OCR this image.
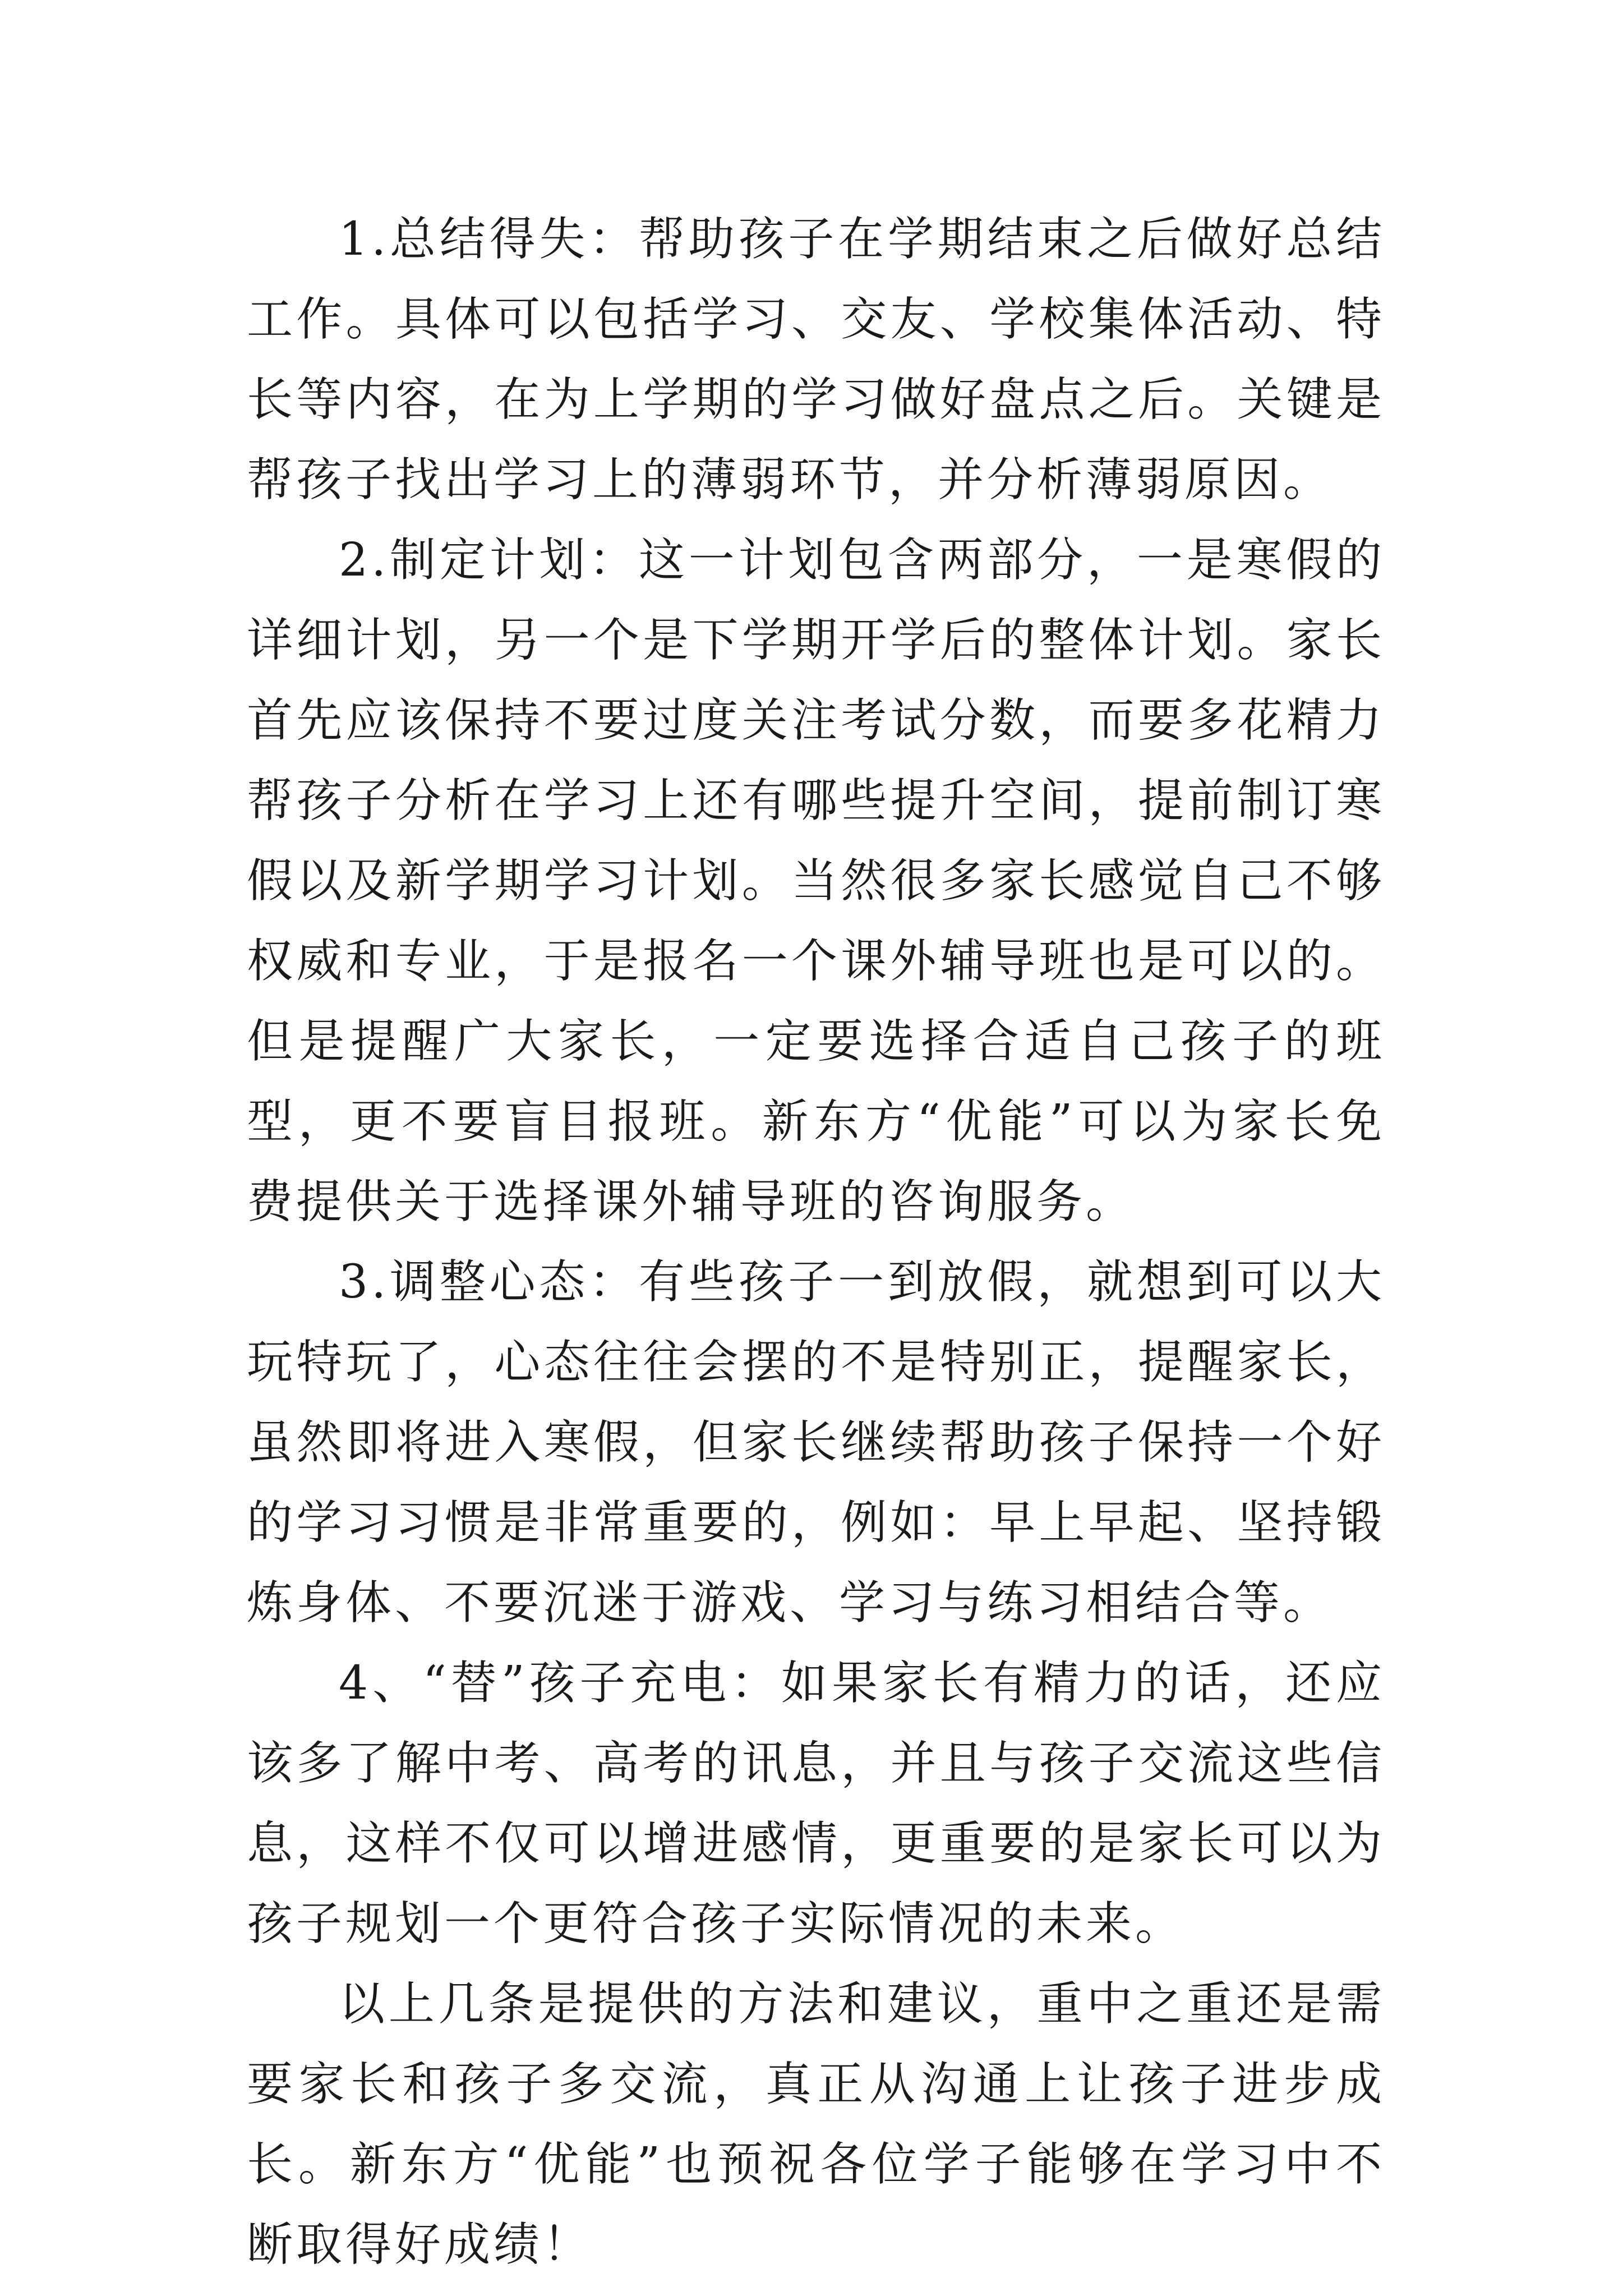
1.总结得失：帮助孩子在学期结束之后做好总结工作。具体可以包括学习、交友、学校集体活动、特长等内容，在为上学期的学习做好盘点之后。关键是帮孩子找出学习上的薄弱环节，并分析薄弱原因。

2.制定计划：这一计划包含两部分，一是寒假的详细计划，另一个是下学期开学后的整体计划。家长首先应该保持不要过度关注考试分数，而要多花精力帮孩子分析在学习上还有哪些提升空间，提前制订寒假以及新学期学习计划。当然很多家长感觉自己不够权威和专业，于是报名一个课外辅导班也是可以的。但是提醒广大家长，一定要选择合适自己孩子的班型，更不要盲目报班。新东方“优能”可以为家长免费提供关于选择课外辅导班的咨询服务。

3.调整心态：有些孩子一到放假，就想到可以大玩特玩了，心态往往会摆的不是特别正，提醒家长，虽然即将进入寒假，但家长继续帮助孩子保持一个好的学习习惯是非常重要的，例如：早上早起、坚持锻炼身体、不要沉迷于游戏、学习与练习相结合等。

4、“替”孩子充电：如果家长有精力的话，还应该多了解中考、高考的讯息，并且与孩子交流这些信息，这样不仅可以增进感情，更重要的是家长可以为孩子规划一个更符合孩子实际情况的未来。

以上几条是提供的方法和建议，重中之重还是需要家长和孩子多交流，真正从沟通上让孩子进步成长。新东方“优能”也预祝各位学子能够在学习中不断取得好成绩！
